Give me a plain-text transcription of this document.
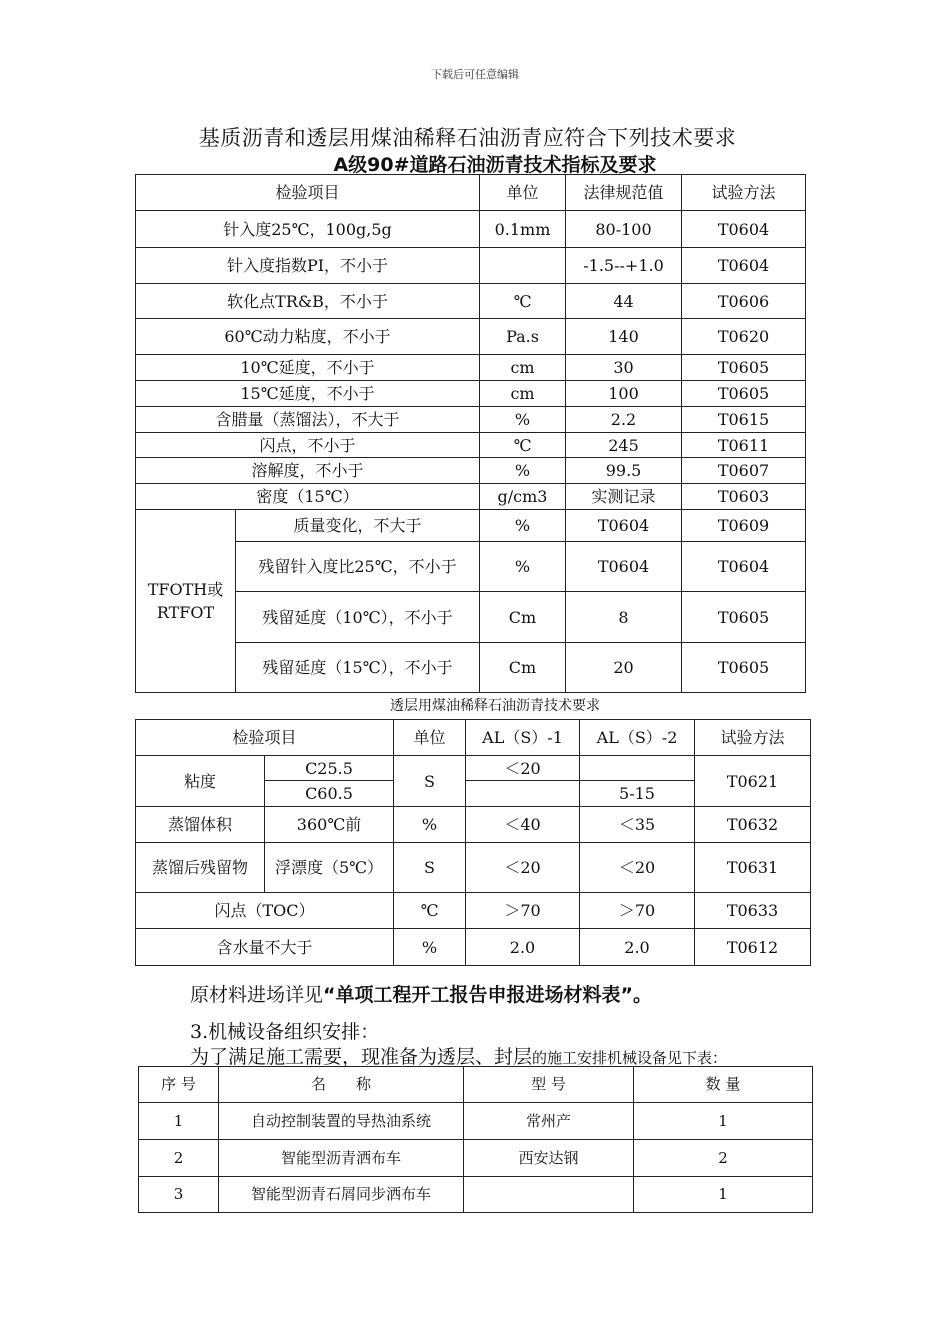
下载后可任意编辑
基质沥青和透层用煤油稀释石油沥青应符合下列技术要求
A级90#道路石油沥青技术指标及要求
检验项目		单位	法律规范值	试验方法
针入度25℃，100g,5g		0.1mm	80-100	T0604
针入度指数PI，不小于			-1.5--+1.0	T0604
软化点TR&B，不小于		℃	44	T0606
60℃动力粘度，不小于		Pa.s	140	T0620
10℃延度，不小于		cm	30	T0605
15℃延度，不小于		cm	100	T0605
含腊量（蒸馏法），不大于		%	2.2	T0615
闪点，不小于		℃	245	T0611
溶解度，不小于		%	99.5	T0607
密度（15℃）		g/cm3	实测记录	T0603
TFOTH或RTFOT	质量变化，不大于	%	T0604	T0609
	残留针入度比25℃，不小于	%	T0604	T0604
	残留延度（10℃），不小于	Cm	8	T0605
	残留延度（15℃），不小于	Cm	20	T0605
透层用煤油稀释石油沥青技术要求
检验项目		单位	AL（S）-1	AL（S）-2	试验方法
粘度	C25.5	S	＜20		T0621
	C60.5			5-15	
蒸馏体积	360℃前	%	＜40	＜35	T0632
蒸馏后残留物	浮漂度（5℃）	S	＜20	＜20	T0631
闪点（TOC）		℃	＞70	＞70	T0633
含水量不大于		%	2.0	2.0	T0612
原材料进场详见“单项工程开工报告申报进场材料表”。
3.机械设备组织安排：
为了满足施工需要，现准备为透层、封层的施工安排机械设备见下表：
序 号	名　　称	型 号	数 量
1	自动控制装置的导热油系统	常州产	1
2	智能型沥青洒布车	西安达钢	2
3	智能型沥青石屑同步洒布车		1
